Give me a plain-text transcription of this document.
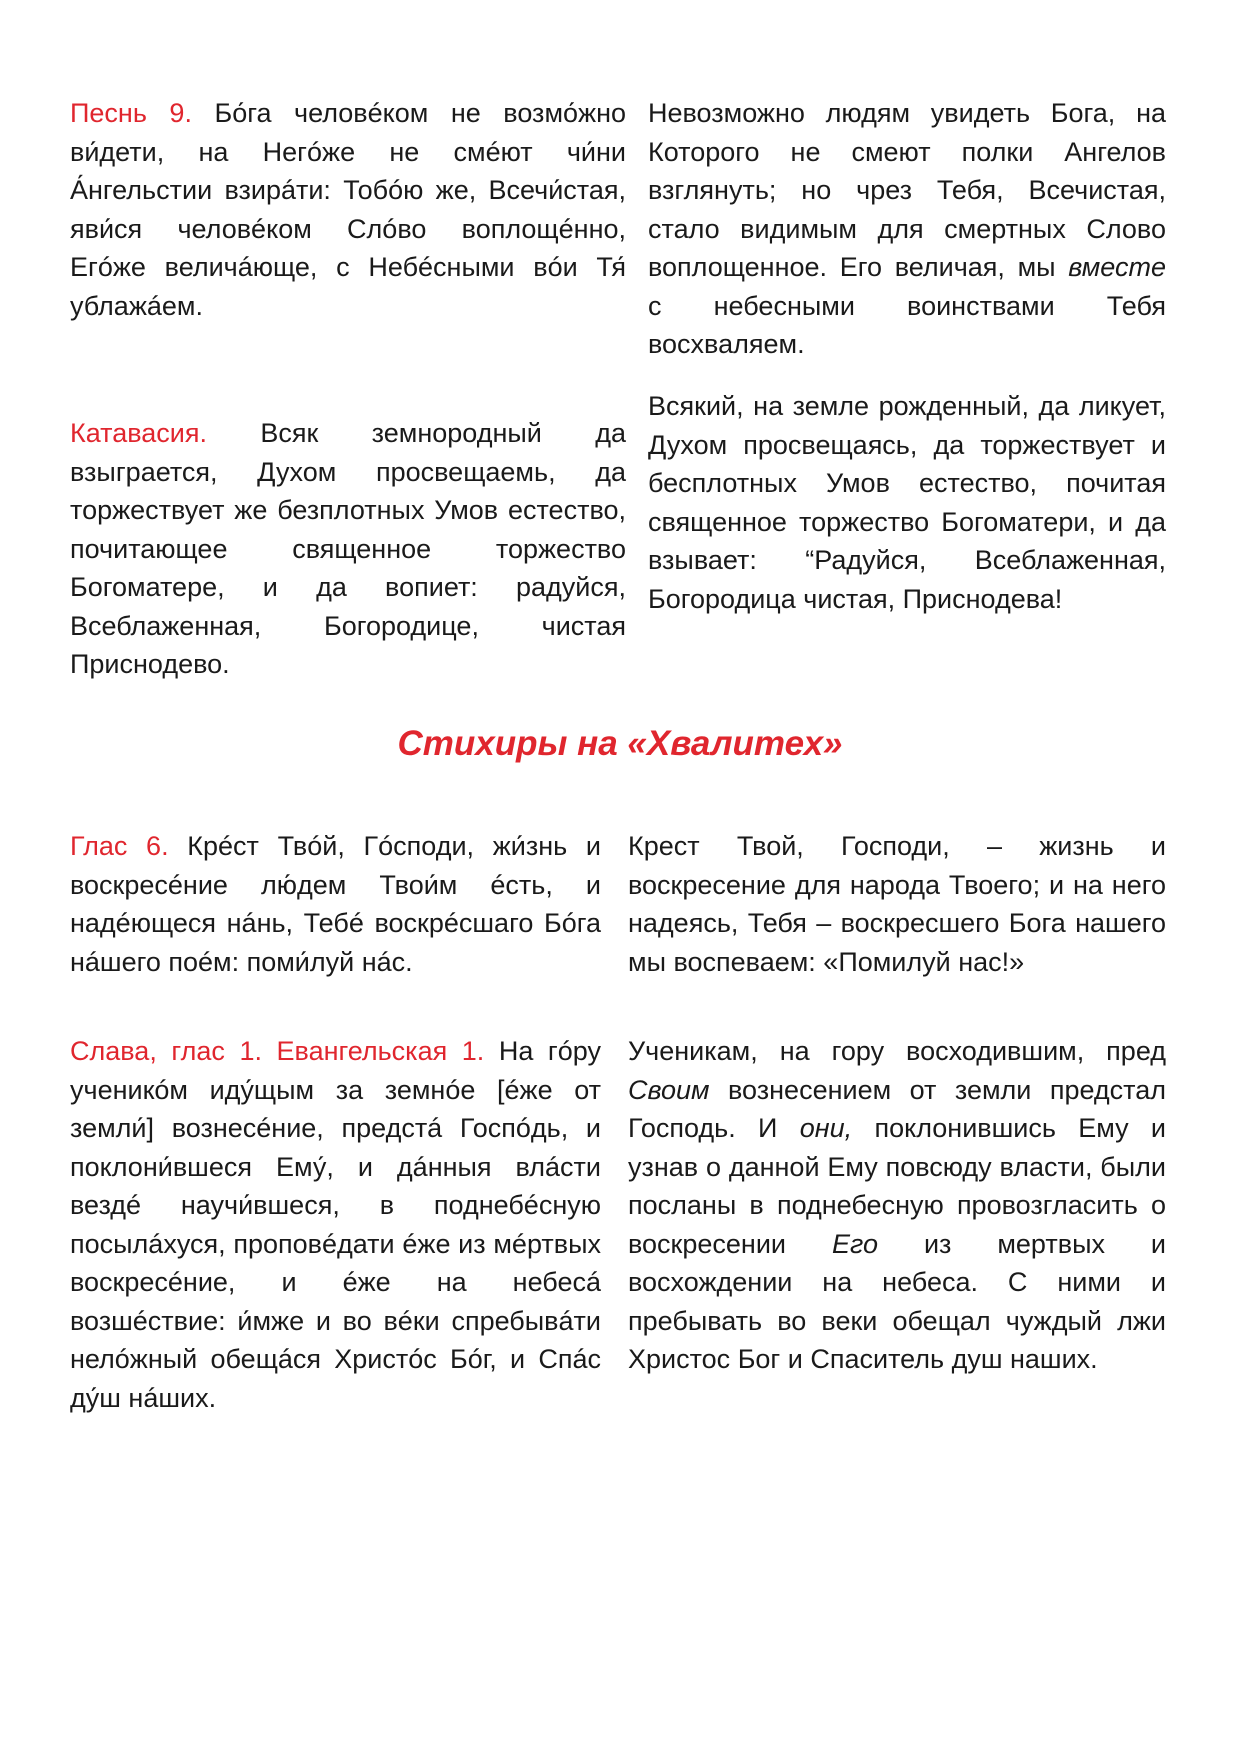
Песнь 9. Бо́га человéком не возмо́жно ви́дети, на Негóже не смéют чи́ни А́нгельстии взирáти: Тобóю же, Всечи́стая, яви́ся человéком Слóво воплощéнно, Егóже величáюще, с Небéсными вóи Тя́ ублажáем.
Невозможно людям увидеть Бога, на Которого не смеют полки Ангелов взглянуть; но чрез Тебя, Всечистая, стало видимым для смертных Слово воплощенное. Его величая, мы вместе с небесными воинствами Тебя восхваляем.
Катавасия. Всяк земнородный да взыграется, Духом просвещаемь, да торжествует же безплотных Умов естество, почитающее священное торжество Богоматере, и да вопиет: радуйся, Всеблаженная, Богородице, чистая Приснодево.
Всякий, на земле рожденный, да ликует, Духом просвещаясь, да торжествует и бесплотных Умов естество, почитая священное торжество Богоматери, и да взывает: “Радуйся, Всеблаженная, Богородица чистая, Приснодева!
Стихиры на «Хвалитех»
Глас 6. Крéст Твóй, Гóсподи, жи́знь и воскресéние лю́дем Твои́м éсть, и надéющеся нáнь, Тебé воскрéсшаго Бóга нáшего поéм: поми́луй нáс.
Крест Твой, Господи, – жизнь и воскресение для народа Твоего; и на него надеясь, Тебя – воскресшего Бога нашего мы воспеваем: «Помилуй нас!»
Слава, глас 1. Евангельская 1. На гóру ученикóм иду́щым за земнóе [éже от земли́] вознесéние, предстá Госпóдь, и поклони́вшеся Ему́, и дáнныя влáсти вездé научи́вшеся, в поднебéсную посылáхуся, проповéдати éже из мéртвых воскресéние, и éже на небесá возшéствие: и́мже и во вéки спребывáти нелóжный обещáся Христóс Бóг, и Спáс ду́ш нáших.
Ученикам, на гору восходившим, пред Своим вознесением от земли предстал Господь. И они, поклонившись Ему и узнав о данной Ему повсюду власти, были посланы в поднебесную провозгласить о воскресении Его из мертвых и восхождении на небеса. С ними и пребывать во веки обещал чуждый лжи Христос Бог и Спаситель душ наших.
